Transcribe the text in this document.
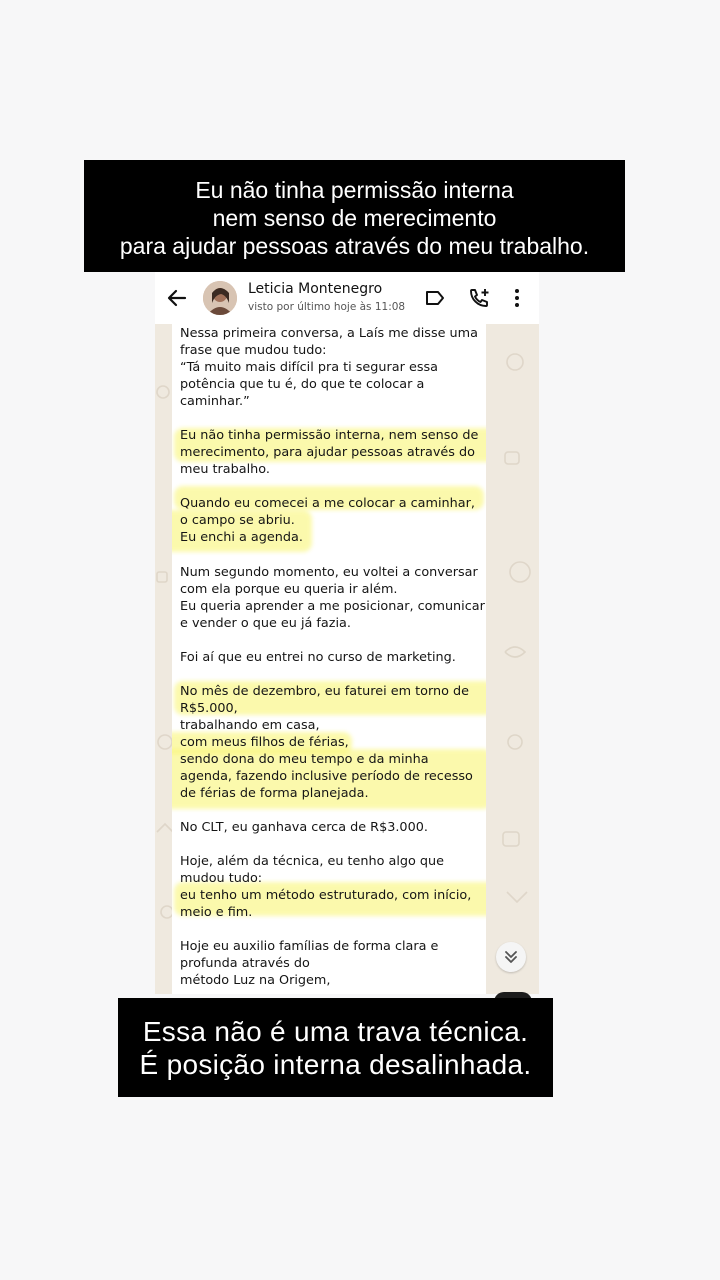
Eu não tinha permissão interna
nem senso de merecimento
para ajudar pessoas através do meu trabalho.
Leticia Montenegro
visto por último hoje às 11:08
Nessa primeira conversa, a Laís me disse uma
frase que mudou tudo:
“Tá muito mais difícil pra ti segurar essa
potência que tu é, do que te colocar a
caminhar.”
Eu não tinha permissão interna, nem senso de
merecimento, para ajudar pessoas através do
meu trabalho.
Quando eu comecei a me colocar a caminhar,
o campo se abriu.
Eu enchi a agenda.
Num segundo momento, eu voltei a conversar
com ela porque eu queria ir além.
Eu queria aprender a me posicionar, comunicar
e vender o que eu já fazia.
Foi aí que eu entrei no curso de marketing.
No mês de dezembro, eu faturei em torno de
R$5.000,
trabalhando em casa,
com meus filhos de férias,
sendo dona do meu tempo e da minha
agenda, fazendo inclusive período de recesso
de férias de forma planejada.
No CLT, eu ganhava cerca de R$3.000.
Hoje, além da técnica, eu tenho algo que
mudou tudo:
eu tenho um método estruturado, com início,
meio e fim.
Hoje eu auxilio famílias de forma clara e
profunda através do
método Luz na Origem,
Essa não é uma trava técnica.
É posição interna desalinhada.
